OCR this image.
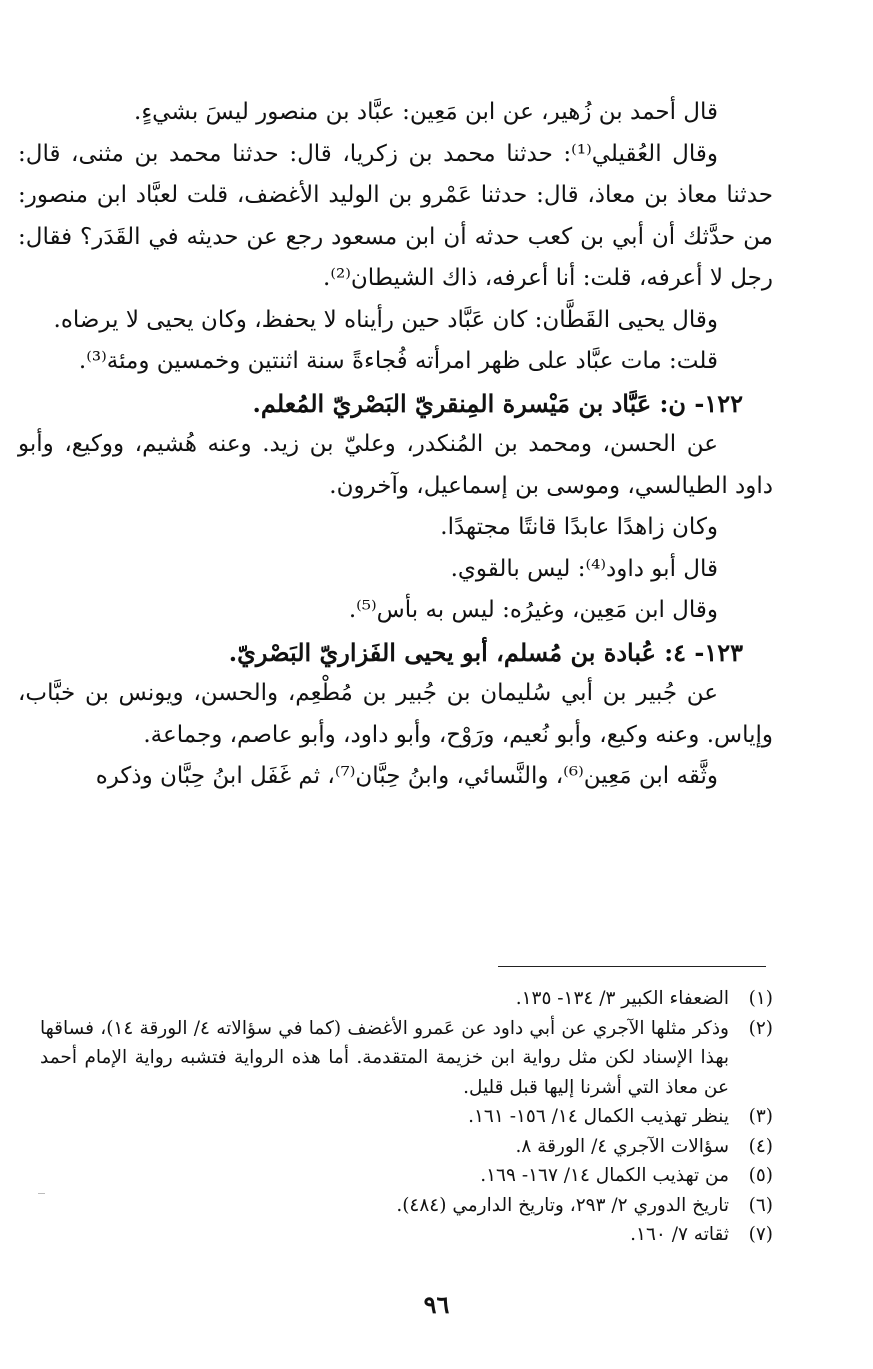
قال أحمد بن زُهير، عن ابن مَعِين: عبَّاد بن منصور ليسَ بشيءٍ.

وقال العُقيلي⁽¹⁾: حدثنا محمد بن زكريا، قال: حدثنا محمد بن مثنى، قال: حدثنا معاذ بن معاذ، قال: حدثنا عَمْرو بن الوليد الأغضف، قلت لعبَّاد ابن منصور: من حدَّثك أن أبي بن كعب حدثه أن ابن مسعود رجع عن حديثه في القَدَر؟ فقال: رجل لا أعرفه، قلت: أنا أعرفه، ذاك الشيطان⁽²⁾.

وقال يحيى القَطَّان: كان عَبَّاد حين رأيناه لا يحفظ، وكان يحيى لا يرضاه.

قلت: مات عبَّاد على ظهر امرأته فُجاءةً سنة اثنتين وخمسين ومئة⁽³⁾.

١٢٢- ن: عَبَّاد بن مَيْسرة المِنقريّ البَصْريّ المُعلم.

عن الحسن، ومحمد بن المُنكدر، وعليّ بن زيد. وعنه هُشيم، ووكيع، وأبو داود الطيالسي، وموسى بن إسماعيل، وآخرون.

وكان زاهدًا عابدًا قانتًا مجتهدًا.

قال أبو داود⁽⁴⁾: ليس بالقوي.

وقال ابن مَعِين، وغيرُه: ليس به بأس⁽⁵⁾.

١٢٣- ٤: عُبادة بن مُسلم، أبو يحيى الفَزاريّ البَصْريّ.

عن جُبير بن أبي سُليمان بن جُبير بن مُطْعِم، والحسن، ويونس بن خبَّاب، وإياس. وعنه وكيع، وأبو نُعيم، ورَوْح، وأبو داود، وأبو عاصم، وجماعة.

وثَّقه ابن مَعِين⁽⁶⁾، والنَّسائي، وابنُ حِبَّان⁽⁷⁾، ثم غَفَل ابنُ حِبَّان وذكره

(١)
الضعفاء الكبير ٣/ ١٣٤- ١٣٥.
(٢)
وذكر مثلها الآجري عن أبي داود عن عَمرو الأغضف (كما في سؤالاته ٤/ الورقة ١٤)، فساقها بهذا الإسناد لكن مثل رواية ابن خزيمة المتقدمة. أما هذه الرواية فتشبه رواية الإمام أحمد عن معاذ التي أشرنا إليها قبل قليل.
(٣)
ينظر تهذيب الكمال ١٤/ ١٥٦- ١٦١.
(٤)
سؤالات الآجري ٤/ الورقة ٨.
(٥)
من تهذيب الكمال ١٤/ ١٦٧- ١٦٩.
(٦)
تاريخ الدوري ٢/ ٢٩٣، وتاريخ الدارمي (٤٨٤).
(٧)
ثقاته ٧/ ١٦٠.
٩٦
